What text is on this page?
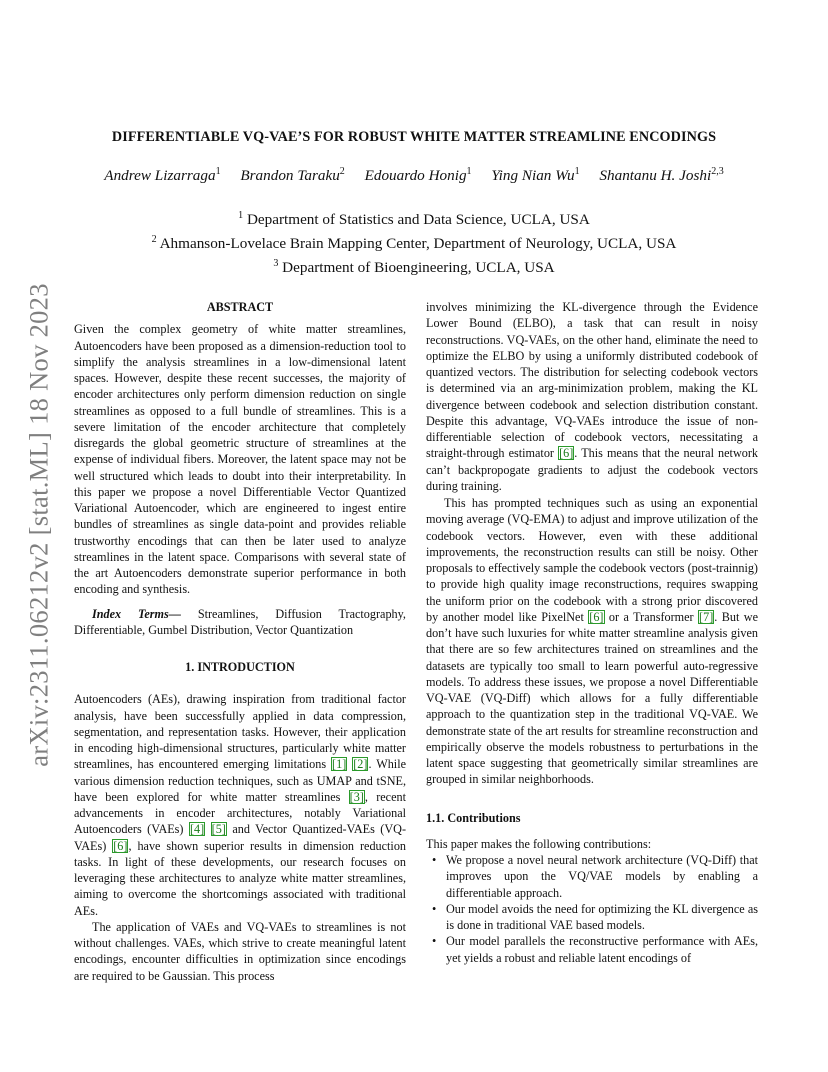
arXiv:2311.06212v2 [stat.ML] 18 Nov 2023
DIFFERENTIABLE VQ-VAE’S FOR ROBUST WHITE MATTER STREAMLINE ENCODINGS
Andrew Lizarraga$^1$ Brandon Taraku$^2$ Edouardo Honig$^1$ Ying Nian Wu$^1$ Shantanu H. Joshi$^{2,3}$
$^1$ Department of Statistics and Data Science, UCLA, USA
$^2$ Ahmanson-Lovelace Brain Mapping Center, Department of Neurology, UCLA, USA
$^3$ Department of Bioengineering, UCLA, USA

ABSTRACT

Given the complex geometry of white matter streamlines, Autoencoders have been proposed as a dimension-reduction tool to simplify the analysis streamlines in a low-dimensional latent spaces. However, despite these recent successes, the majority of encoder architectures only perform dimension reduction on single streamlines as opposed to a full bundle of streamlines. This is a severe limitation of the encoder architecture that completely disregards the global geometric structure of streamlines at the expense of individual fibers. Moreover, the latent space may not be well structured which leads to doubt into their interpretability. In this paper we propose a novel Differentiable Vector Quantized Variational Autoencoder, which are engineered to ingest entire bundles of streamlines as single data-point and provides reliable trustworthy encodings that can then be later used to analyze streamlines in the latent space. Comparisons with several state of the art Autoencoders demonstrate superior performance in both encoding and synthesis.

Index Terms— Streamlines, Diffusion Tractography, Differentiable, Gumbel Distribution, Vector Quantization

1. INTRODUCTION

Autoencoders (AEs), drawing inspiration from traditional factor analysis, have been successfully applied in data compression, segmentation, and representation tasks. However, their application in encoding high-dimensional structures, particularly white matter streamlines, has encountered emerging limitations [1] [2]. While various dimension reduction techniques, such as UMAP and tSNE, have been explored for white matter streamlines [3], recent advancements in encoder architectures, notably Variational Autoencoders (VAEs) [4] [5] and Vector Quantized-VAEs (VQ-VAEs) [6], have shown superior results in dimension reduction tasks. In light of these developments, our research focuses on leveraging these architectures to analyze white matter streamlines, aiming to overcome the shortcomings associated with traditional AEs.

The application of VAEs and VQ-VAEs to streamlines is not without challenges. VAEs, which strive to create meaningful latent encodings, encounter difficulties in optimization since encodings are required to be Gaussian. This process

involves minimizing the KL-divergence through the Evidence Lower Bound (ELBO), a task that can result in noisy reconstructions. VQ-VAEs, on the other hand, eliminate the need to optimize the ELBO by using a uniformly distributed codebook of quantized vectors. The distribution for selecting codebook vectors is determined via an arg-minimization problem, making the KL divergence between codebook and selection distribution constant. Despite this advantage, VQ-VAEs introduce the issue of non-differentiable selection of codebook vectors, necessitating a straight-through estimator [6]. This means that the neural network can’t backpropogate gradients to adjust the codebook vectors during training.

This has prompted techniques such as using an exponential moving average (VQ-EMA) to adjust and improve utilization of the codebook vectors. However, even with these additional improvements, the reconstruction results can still be noisy. Other proposals to effectively sample the codebook vectors (post-trainnig) to provide high quality image reconstructions, requires swapping the uniform prior on the codebook with a strong prior discovered by another model like PixelNet [6] or a Transformer [7]. But we don’t have such luxuries for white matter streamline analysis given that there are so few architectures trained on streamlines and the datasets are typically too small to learn powerful auto-regressive models. To address these issues, we propose a novel Differentiable VQ-VAE (VQ-Diff) which allows for a fully differentiable approach to the quantization step in the traditional VQ-VAE. We demonstrate state of the art results for streamline reconstruction and empirically observe the models robustness to perturbations in the latent space suggesting that geometrically similar streamlines are grouped in similar neighborhoods.

1.1. Contributions

This paper makes the following contributions:

• We propose a novel neural network architecture (VQ-Diff) that improves upon the VQ/VAE models by enabling a differentiable approach.
• Our model avoids the need for optimizing the KL divergence as is done in traditional VAE based models.
• Our model parallels the reconstructive performance with AEs, yet yields a robust and reliable latent encodings of
